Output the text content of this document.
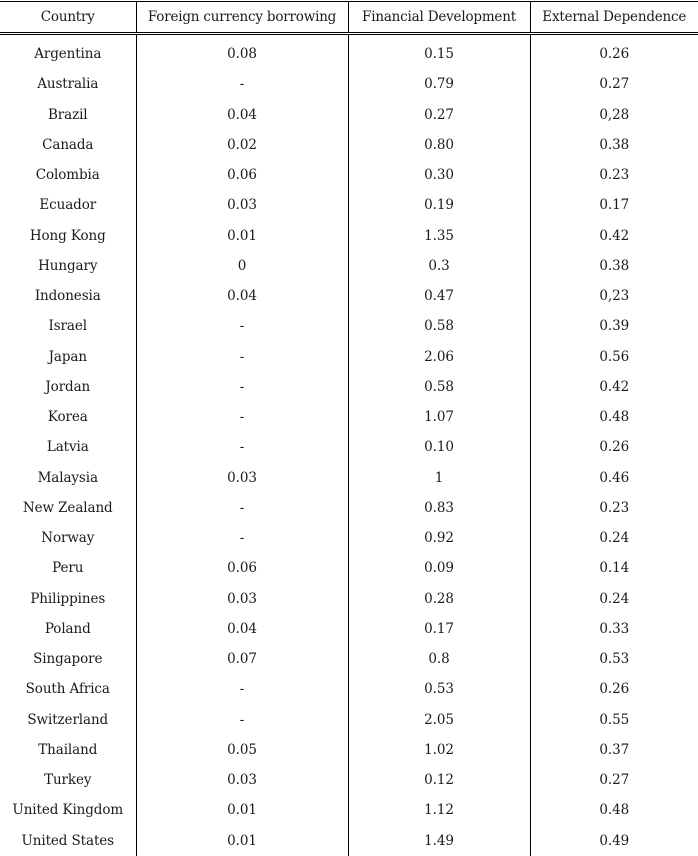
Country	Foreign currency borrowing	Financial Development	External Dependence
Argentina	0.08	0.15	0.26
Australia	-	0.79	0.27
Brazil	0.04	0.27	0,28
Canada	0.02	0.80	0.38
Colombia	0.06	0.30	0.23
Ecuador	0.03	0.19	0.17
Hong Kong	0.01	1.35	0.42
Hungary	0	0.3	0.38
Indonesia	0.04	0.47	0,23
Israel	-	0.58	0.39
Japan	-	2.06	0.56
Jordan	-	0.58	0.42
Korea	-	1.07	0.48
Latvia	-	0.10	0.26
Malaysia	0.03	1	0.46
New Zealand	-	0.83	0.23
Norway	-	0.92	0.24
Peru	0.06	0.09	0.14
Philippines	0.03	0.28	0.24
Poland	0.04	0.17	0.33
Singapore	0.07	0.8	0.53
South Africa	-	0.53	0.26
Switzerland	-	2.05	0.55
Thailand	0.05	1.02	0.37
Turkey	0.03	0.12	0.27
United Kingdom	0.01	1.12	0.48
United States	0.01	1.49	0.49
